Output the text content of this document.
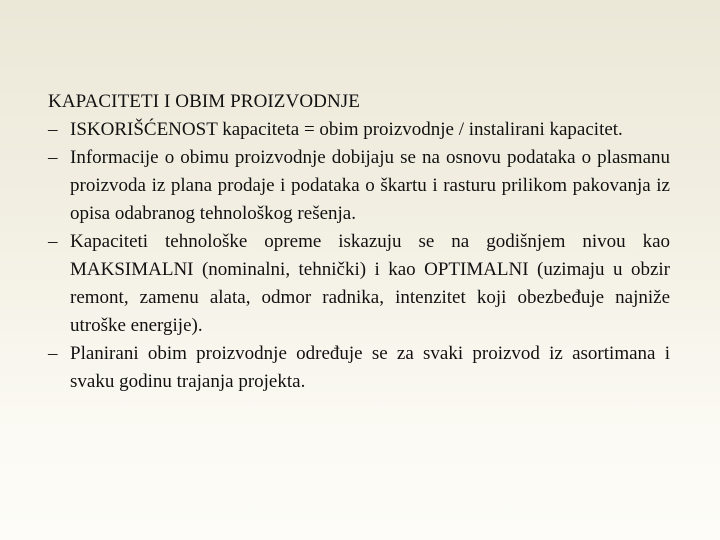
KAPACITETI I OBIM PROIZVODNJE
– ISKORIŠĆENOST kapaciteta = obim proizvodnje / instalirani kapacitet.
– Informacije o obimu proizvodnje dobijaju se na osnovu podataka o plasmanu proizvoda iz plana prodaje i podataka o škartu i rasturu prilikom pakovanja iz opisa odabranog tehnološkog rešenja.
– Kapaciteti tehnološke opreme iskazuju se na godišnjem nivou kao MAKSIMALNI (nominalni, tehnički) i kao OPTIMALNI (uzimaju u obzir remont, zamenu alata, odmor radnika, intenzitet koji obezbeđuje najniže utroške energije).
– Planirani obim proizvodnje određuje se za svaki proizvod iz asortimana i svaku godinu trajanja projekta.
